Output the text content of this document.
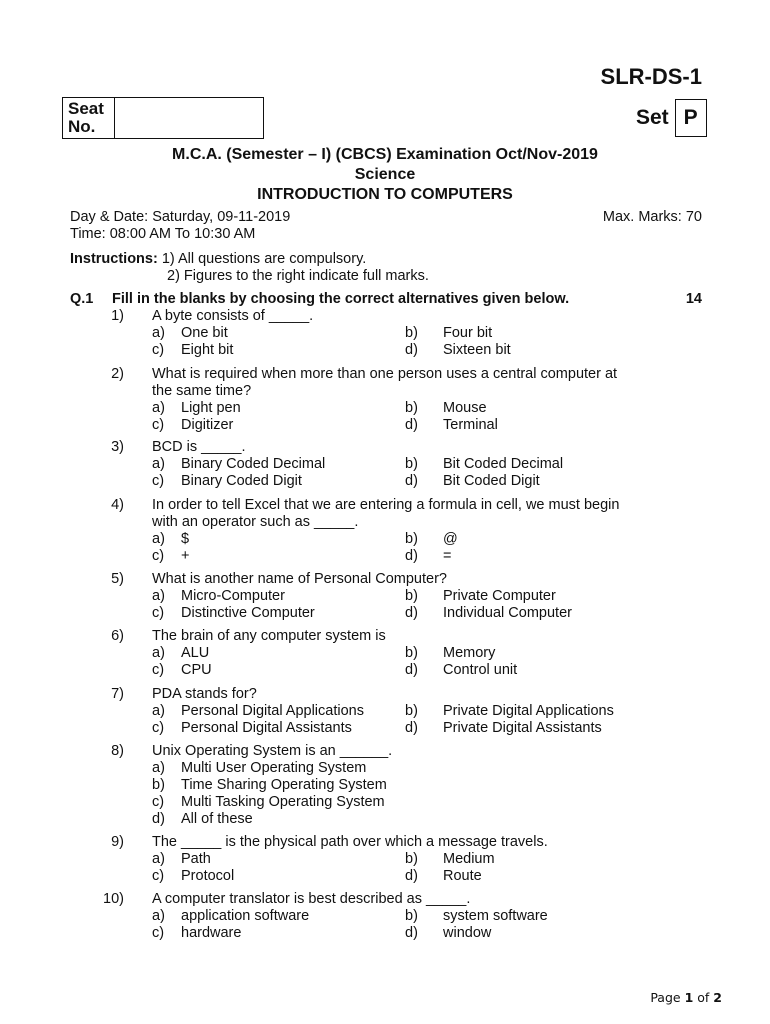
SLR-DS-1
Seat No.	Set P
M.C.A. (Semester – I) (CBCS) Examination Oct/Nov-2019
Science
INTRODUCTION TO COMPUTERS
Day & Date: Saturday, 09-11-2019
Time: 08:00 AM To 10:30 AM
Max. Marks: 70
Instructions: 1) All questions are compulsory.
2) Figures to the right indicate full marks.
Q.1 Fill in the blanks by choosing the correct alternatives given below.	14
1) A byte consists of _____.
a) One bit	b) Four bit
c) Eight bit	d) Sixteen bit
2) What is required when more than one person uses a central computer at
the same time?
a) Light pen	b) Mouse
c) Digitizer	d) Terminal
3) BCD is _____.
a) Binary Coded Decimal	b) Bit Coded Decimal
c) Binary Coded Digit	d) Bit Coded Digit
4) In order to tell Excel that we are entering a formula in cell, we must begin
with an operator such as _____.
a) $	b) @
c) +	d) =
5) What is another name of Personal Computer?
a) Micro-Computer	b) Private Computer
c) Distinctive Computer	d) Individual Computer
6) The brain of any computer system is
a) ALU	b) Memory
c) CPU	d) Control unit
7) PDA stands for?
a) Personal Digital Applications	b) Private Digital Applications
c) Personal Digital Assistants	d) Private Digital Assistants
8) Unix Operating System is an ______.
a) Multi User Operating System
b) Time Sharing Operating System
c) Multi Tasking Operating System
d) All of these
9) The _____ is the physical path over which a message travels.
a) Path	b) Medium
c) Protocol	d) Route
10) A computer translator is best described as _____.
a) application software	b) system software
c) hardware	d) window
Page 1 of 2
